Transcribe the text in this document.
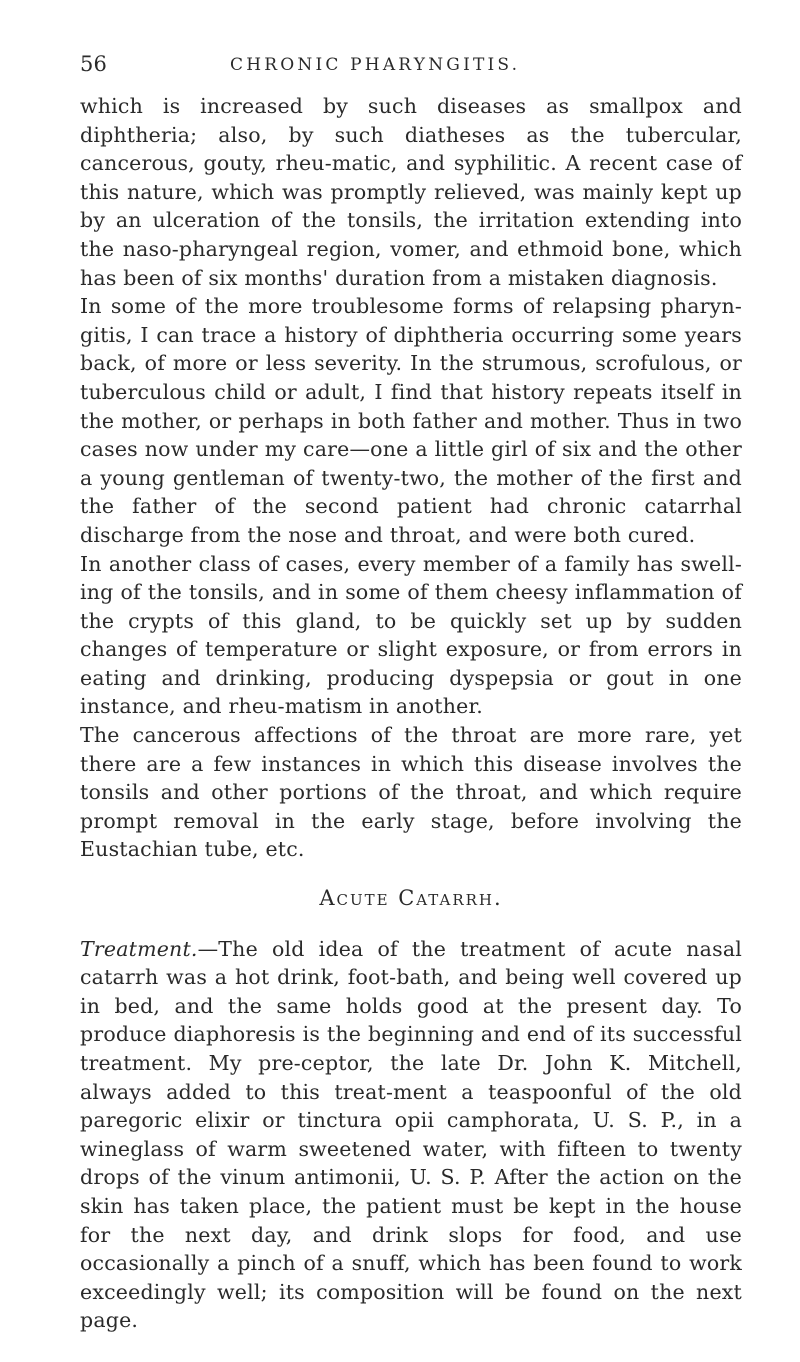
56	CHRONIC PHARYNGITIS.

which is increased by such diseases as smallpox and diphtheria; also, by such diatheses as the tubercular, cancerous, gouty, rheu-matic, and syphilitic. A recent case of this nature, which was promptly relieved, was mainly kept up by an ulceration of the tonsils, the irritation extending into the naso-pharyngeal region, vomer, and ethmoid bone, which has been of six months' duration from a mistaken diagnosis.

In some of the more troublesome forms of relapsing pharyn-gitis, I can trace a history of diphtheria occurring some years back, of more or less severity. In the strumous, scrofulous, or tuberculous child or adult, I find that history repeats itself in the mother, or perhaps in both father and mother. Thus in two cases now under my care—one a little girl of six and the other a young gentleman of twenty-two, the mother of the first and the father of the second patient had chronic catarrhal discharge from the nose and throat, and were both cured.

In another class of cases, every member of a family has swell-ing of the tonsils, and in some of them cheesy inflammation of the crypts of this gland, to be quickly set up by sudden changes of temperature or slight exposure, or from errors in eating and drinking, producing dyspepsia or gout in one instance, and rheu-matism in another.

The cancerous affections of the throat are more rare, yet there are a few instances in which this disease involves the tonsils and other portions of the throat, and which require prompt removal in the early stage, before involving the Eustachian tube, etc.

Acute Catarrh.

Treatment.—The old idea of the treatment of acute nasal catarrh was a hot drink, foot-bath, and being well covered up in bed, and the same holds good at the present day. To produce diaphoresis is the beginning and end of its successful treatment. My pre-ceptor, the late Dr. John K. Mitchell, always added to this treat-ment a teaspoonful of the old paregoric elixir or tinctura opii camphorata, U. S. P., in a wineglass of warm sweetened water, with fifteen to twenty drops of the vinum antimonii, U. S. P. After the action on the skin has taken place, the patient must be kept in the house for the next day, and drink slops for food, and use occasionally a pinch of a snuff, which has been found to work exceedingly well; its composition will be found on the next page.
